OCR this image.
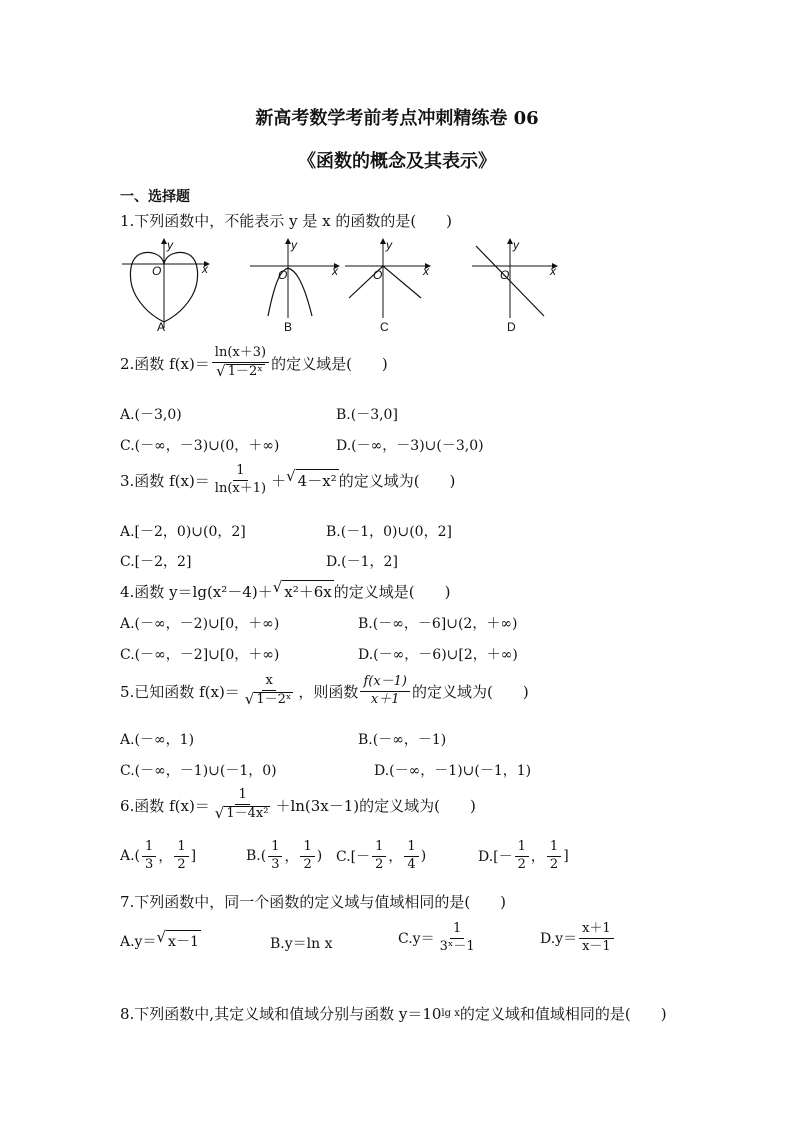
新高考数学考前考点冲刺精练卷 06
《函数的概念及其表示》
一、选择题
1.下列函数中，不能表示 y 是 x 的函数的是(　　)
y
x
O
A
y
x
O
B
y
x
O
C
y
x
O
D
2.函数 $f(x)= \frac{\ln(x+3)}{\text{√ 1－2ˣ}}$ 的定义域是(　　)
A.(－3,0)	B.(－3,0]
C.(－∞，－3)∪(0，＋∞)	D.(－∞，－3)∪(－3,0)
3.函数 $f(x)= \frac{1}{\ln(x+1)}$ ＋ √ 4－x² 的定义域为(　　)
A.[－2，0)∪(0，2]	B.(－1，0)∪(0，2]
C.[－2，2]	D.(－1，2]
4.函数 y＝lg(x²－4)＋ √ x²＋6x 的定义域是(　　)
A.(－∞，－2)∪[0，＋∞)	B.(－∞，－6]∪(2，＋∞)
C.(－∞，－2]∪[0，＋∞)	D.(－∞，－6)∪[2，＋∞)
5.已知函数 $f(x)= \frac{x}{\text{√ 1－2ˣ}}$ ，则函数 $\frac{f(x-1)}{x+1}$ 的定义域为(　　)
A.(－∞，1)	B.(－∞，－1)
C.(－∞，－1)∪(－1，0)	D.(－∞，－1)∪(－1，1)
6.函数 $f(x)= \frac{1}{\text{√ 1－4x²}} +\ln(3x-1)$的定义域为(　　)
$A.( \frac{1}{3}$ ， $\frac{1}{2}$ ]	$B.( \frac{1}{3}$ ， $\frac{1}{2}$ ) $C.[- \frac{1}{2}$ ， $\frac{1}{4}$ )	$D.[- \frac{1}{2}$ ， $\frac{1}{2}$ ]
7.下列函数中，同一个函数的定义域与值域相同的是(　　)
A.y＝ √ x－1	B.y＝ln x	$C.y= \frac{1}{\text{3ˣ－1}}$	$D.y= \frac{x+1}{x-1}$
8.下列函数中,其定义域和值域分别与函数 y＝10 lg x 的定义域和值域相同的是(　　)
